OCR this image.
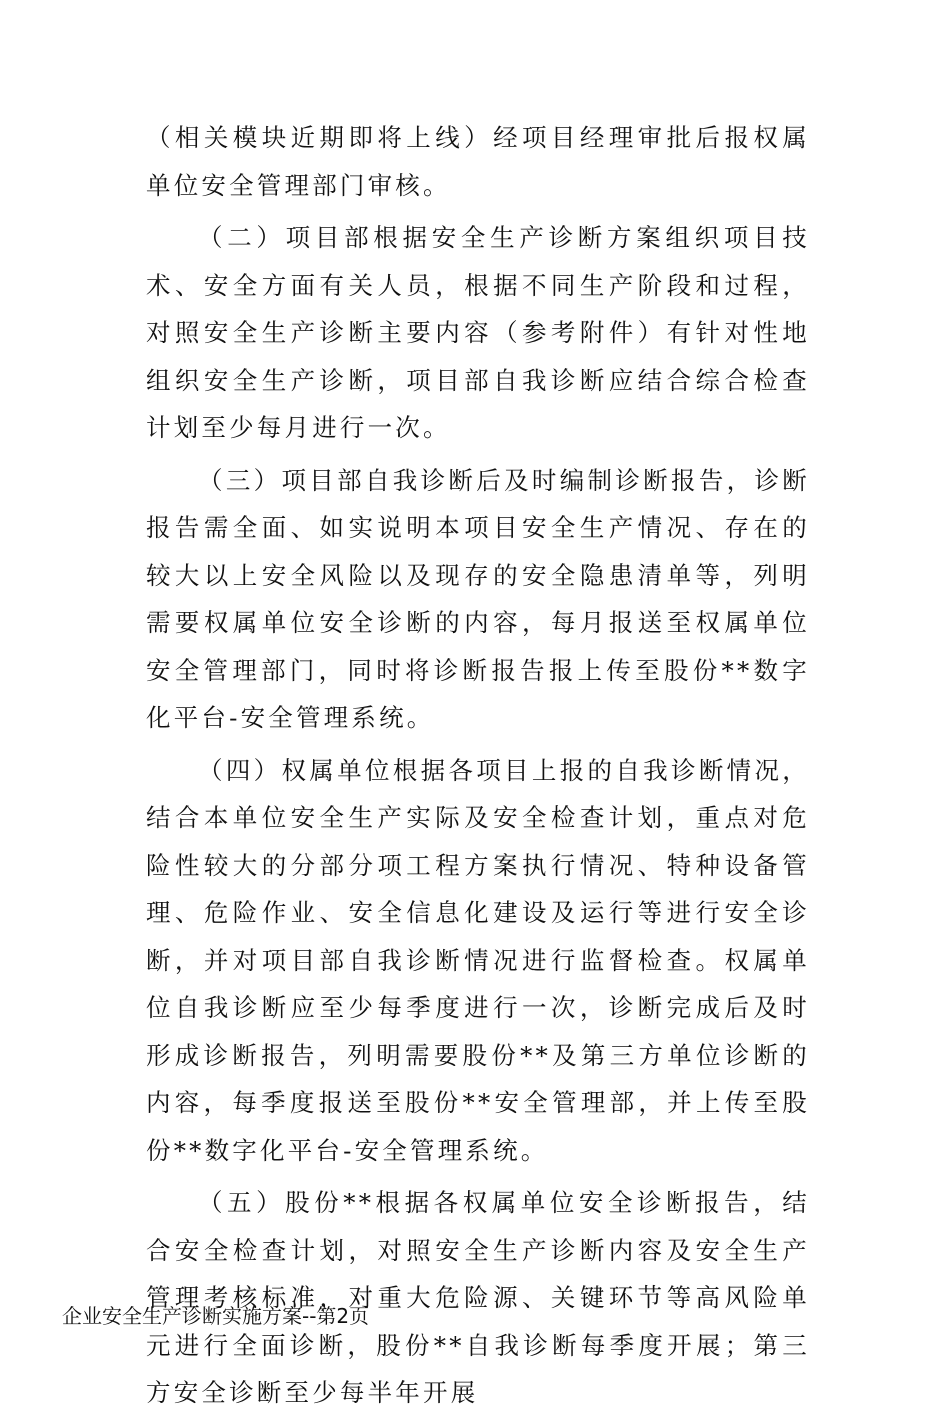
（相关模块近期即将上线）经项目经理审批后报权属单位安全管理部门审核。

（二）项目部根据安全生产诊断方案组织项目技术、安全方面有关人员，根据不同生产阶段和过程，对照安全生产诊断主要内容（参考附件）有针对性地组织安全生产诊断，项目部自我诊断应结合综合检查计划至少每月进行一次。

（三）项目部自我诊断后及时编制诊断报告，诊断报告需全面、如实说明本项目安全生产情况、存在的较大以上安全风险以及现存的安全隐患清单等，列明需要权属单位安全诊断的内容，每月报送至权属单位安全管理部门，同时将诊断报告报上传至股份**数字化平台-安全管理系统。

（四）权属单位根据各项目上报的自我诊断情况，结合本单位安全生产实际及安全检查计划，重点对危险性较大的分部分项工程方案执行情况、特种设备管理、危险作业、安全信息化建设及运行等进行安全诊断，并对项目部自我诊断情况进行监督检查。权属单位自我诊断应至少每季度进行一次，诊断完成后及时形成诊断报告，列明需要股份**及第三方单位诊断的内容，每季度报送至股份**安全管理部，并上传至股份**数字化平台-安全管理系统。

（五）股份**根据各权属单位安全诊断报告，结合安全检查计划，对照安全生产诊断内容及安全生产管理考核标准，对重大危险源、关键环节等高风险单元进行全面诊断，股份**自我诊断每季度开展；第三方安全诊断至少每半年开展

企业安全生产诊断实施方案--第2页
